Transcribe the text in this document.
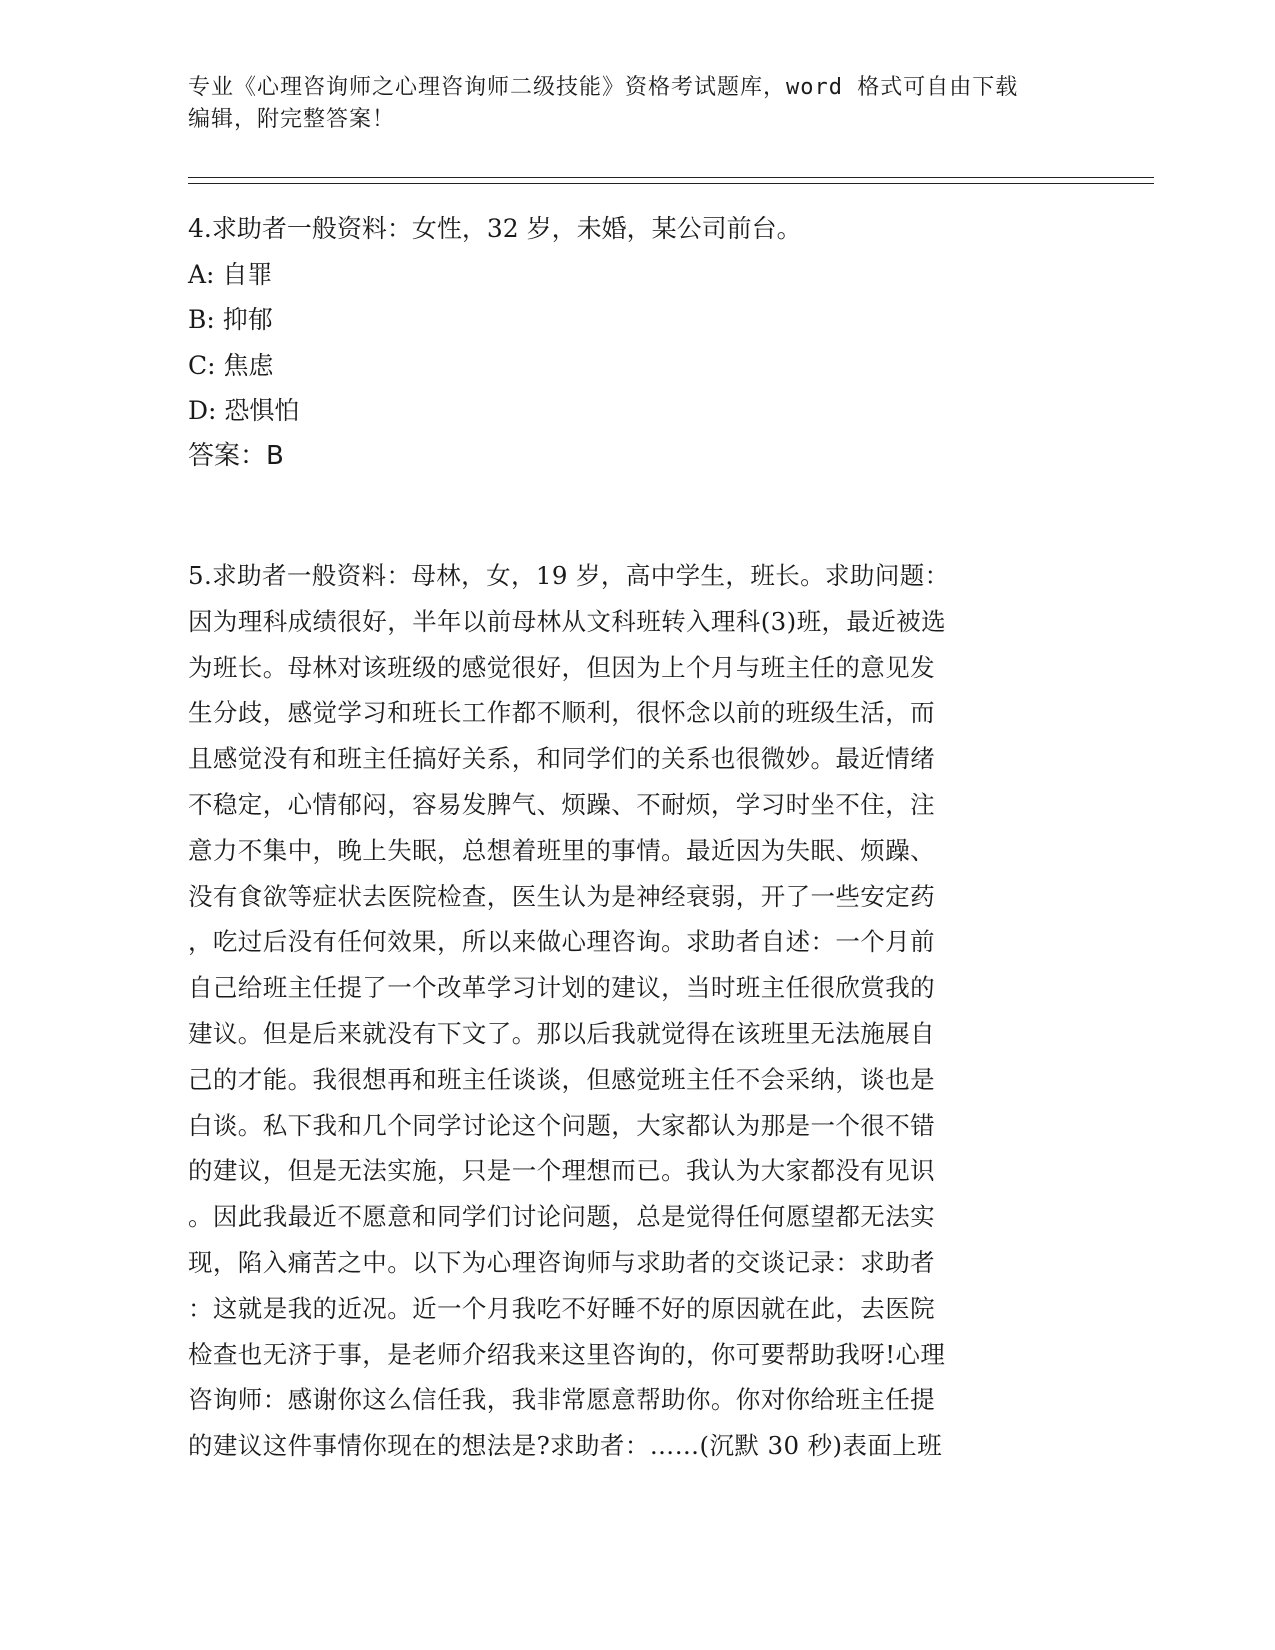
专业《心理咨询师之心理咨询师二级技能》资格考试题库，word 格式可自由下载
编辑，附完整答案！
4.求助者一般资料：女性，32 岁，未婚，某公司前台。
A: 自罪
B: 抑郁
C: 焦虑
D: 恐惧怕
答案：B
5.求助者一般资料：母林，女，19 岁，高中学生，班长。求助问题：
因为理科成绩很好，半年以前母林从文科班转入理科(3)班，最近被选
为班长。母林对该班级的感觉很好，但因为上个月与班主任的意见发
生分歧，感觉学习和班长工作都不顺利，很怀念以前的班级生活，而
且感觉没有和班主任搞好关系，和同学们的关系也很微妙。最近情绪
不稳定，心情郁闷，容易发脾气、烦躁、不耐烦，学习时坐不住，注
意力不集中，晚上失眠，总想着班里的事情。最近因为失眠、烦躁、
没有食欲等症状去医院检查，医生认为是神经衰弱，开了一些安定药
，吃过后没有任何效果，所以来做心理咨询。求助者自述：一个月前
自己给班主任提了一个改革学习计划的建议，当时班主任很欣赏我的
建议。但是后来就没有下文了。那以后我就觉得在该班里无法施展自
己的才能。我很想再和班主任谈谈，但感觉班主任不会采纳，谈也是
白谈。私下我和几个同学讨论这个问题，大家都认为那是一个很不错
的建议，但是无法实施，只是一个理想而已。我认为大家都没有见识
。因此我最近不愿意和同学们讨论问题，总是觉得任何愿望都无法实
现，陷入痛苦之中。以下为心理咨询师与求助者的交谈记录：求助者
：这就是我的近况。近一个月我吃不好睡不好的原因就在此，去医院
检查也无济于事，是老师介绍我来这里咨询的，你可要帮助我呀!心理
咨询师：感谢你这么信任我，我非常愿意帮助你。你对你给班主任提
的建议这件事情你现在的想法是?求助者：……(沉默 30 秒)表面上班
